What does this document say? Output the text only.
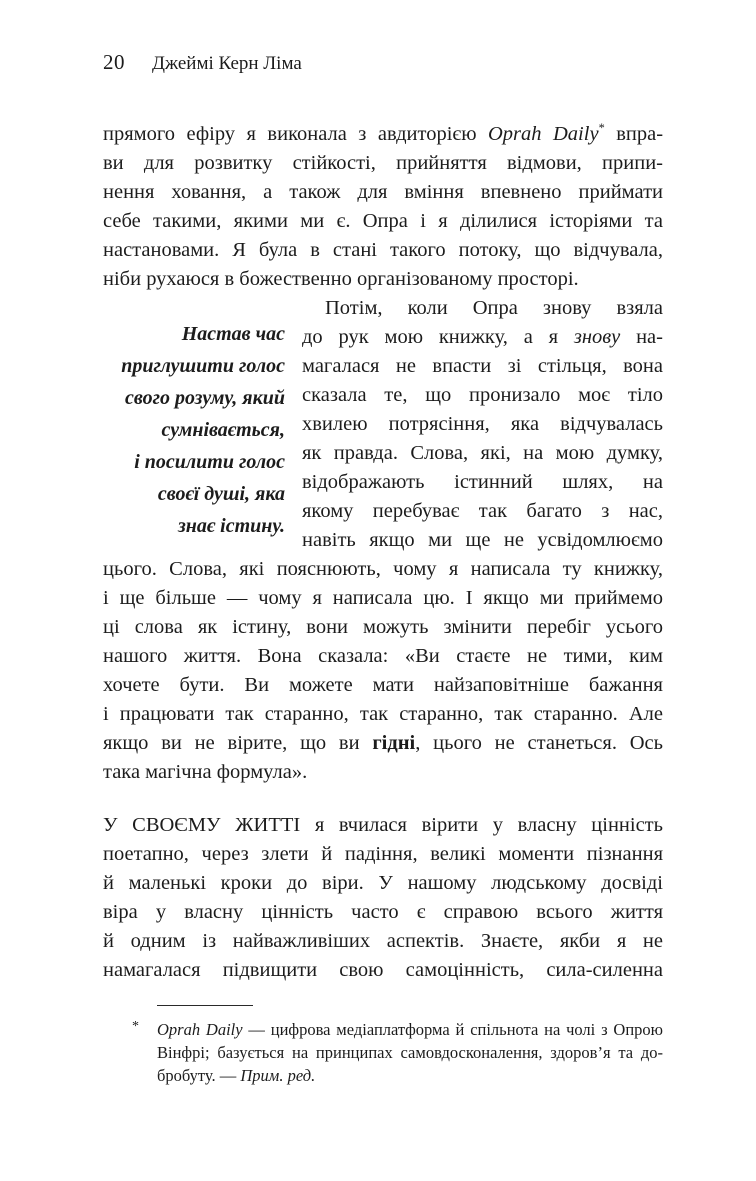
20 Джеймі Керн Ліма
прямого ефіру я виконала з авдиторією Oprah Daily* впра-
ви для розвитку стійкості, прийняття відмови, припи-
нення ховання, а також для вміння впевнено приймати
себе такими, якими ми є. Опра і я ділилися історіями та
настановами. Я була в стані такого потоку, що відчувала,
ніби рухаюся в божественно організованому просторі.
Настав час
приглушити голос
свого розуму, який
сумнівається,
і посилити голос
своєї душі, яка
знає істину.
Потім, коли Опра знову взяла
до рук мою книжку, а я знову на-
магалася не впасти зі стільця, вона
сказала те, що пронизало моє тіло
хвилею потрясіння, яка відчувалась
як правда. Слова, які, на мою думку,
відображають істинний шлях, на
якому перебуває так багато з нас,
навіть якщо ми ще не усвідомлюємо
цього. Слова, які пояснюють, чому я написала ту книжку,
і ще більше — чому я написала цю. І якщо ми приймемо
ці слова як істину, вони можуть змінити перебіг усього
нашого життя. Вона сказала: «Ви стаєте не тими, ким
хочете бути. Ви можете мати найзаповітніше бажання
і працювати так старанно, так старанно, так старанно. Але
якщо ви не вірите, що ви гідні, цього не станеться. Ось
така магічна формула».
У СВОЄМУ ЖИТТІ я вчилася вірити у власну цінність
поетапно, через злети й падіння, великі моменти пізнання
й маленькі кроки до віри. У нашому людському досвіді
віра у власну цінність часто є справою всього життя
й одним із найважливіших аспектів. Знаєте, якби я не
намагалася підвищити свою самоцінність, сила-силенна
* Oprah Daily — цифрова медіаплатформа й спільнота на чолі з Опрою
Вінфрі; базується на принципах самовдосконалення, здоров’я та до-
бробуту. — Прим. ред.
